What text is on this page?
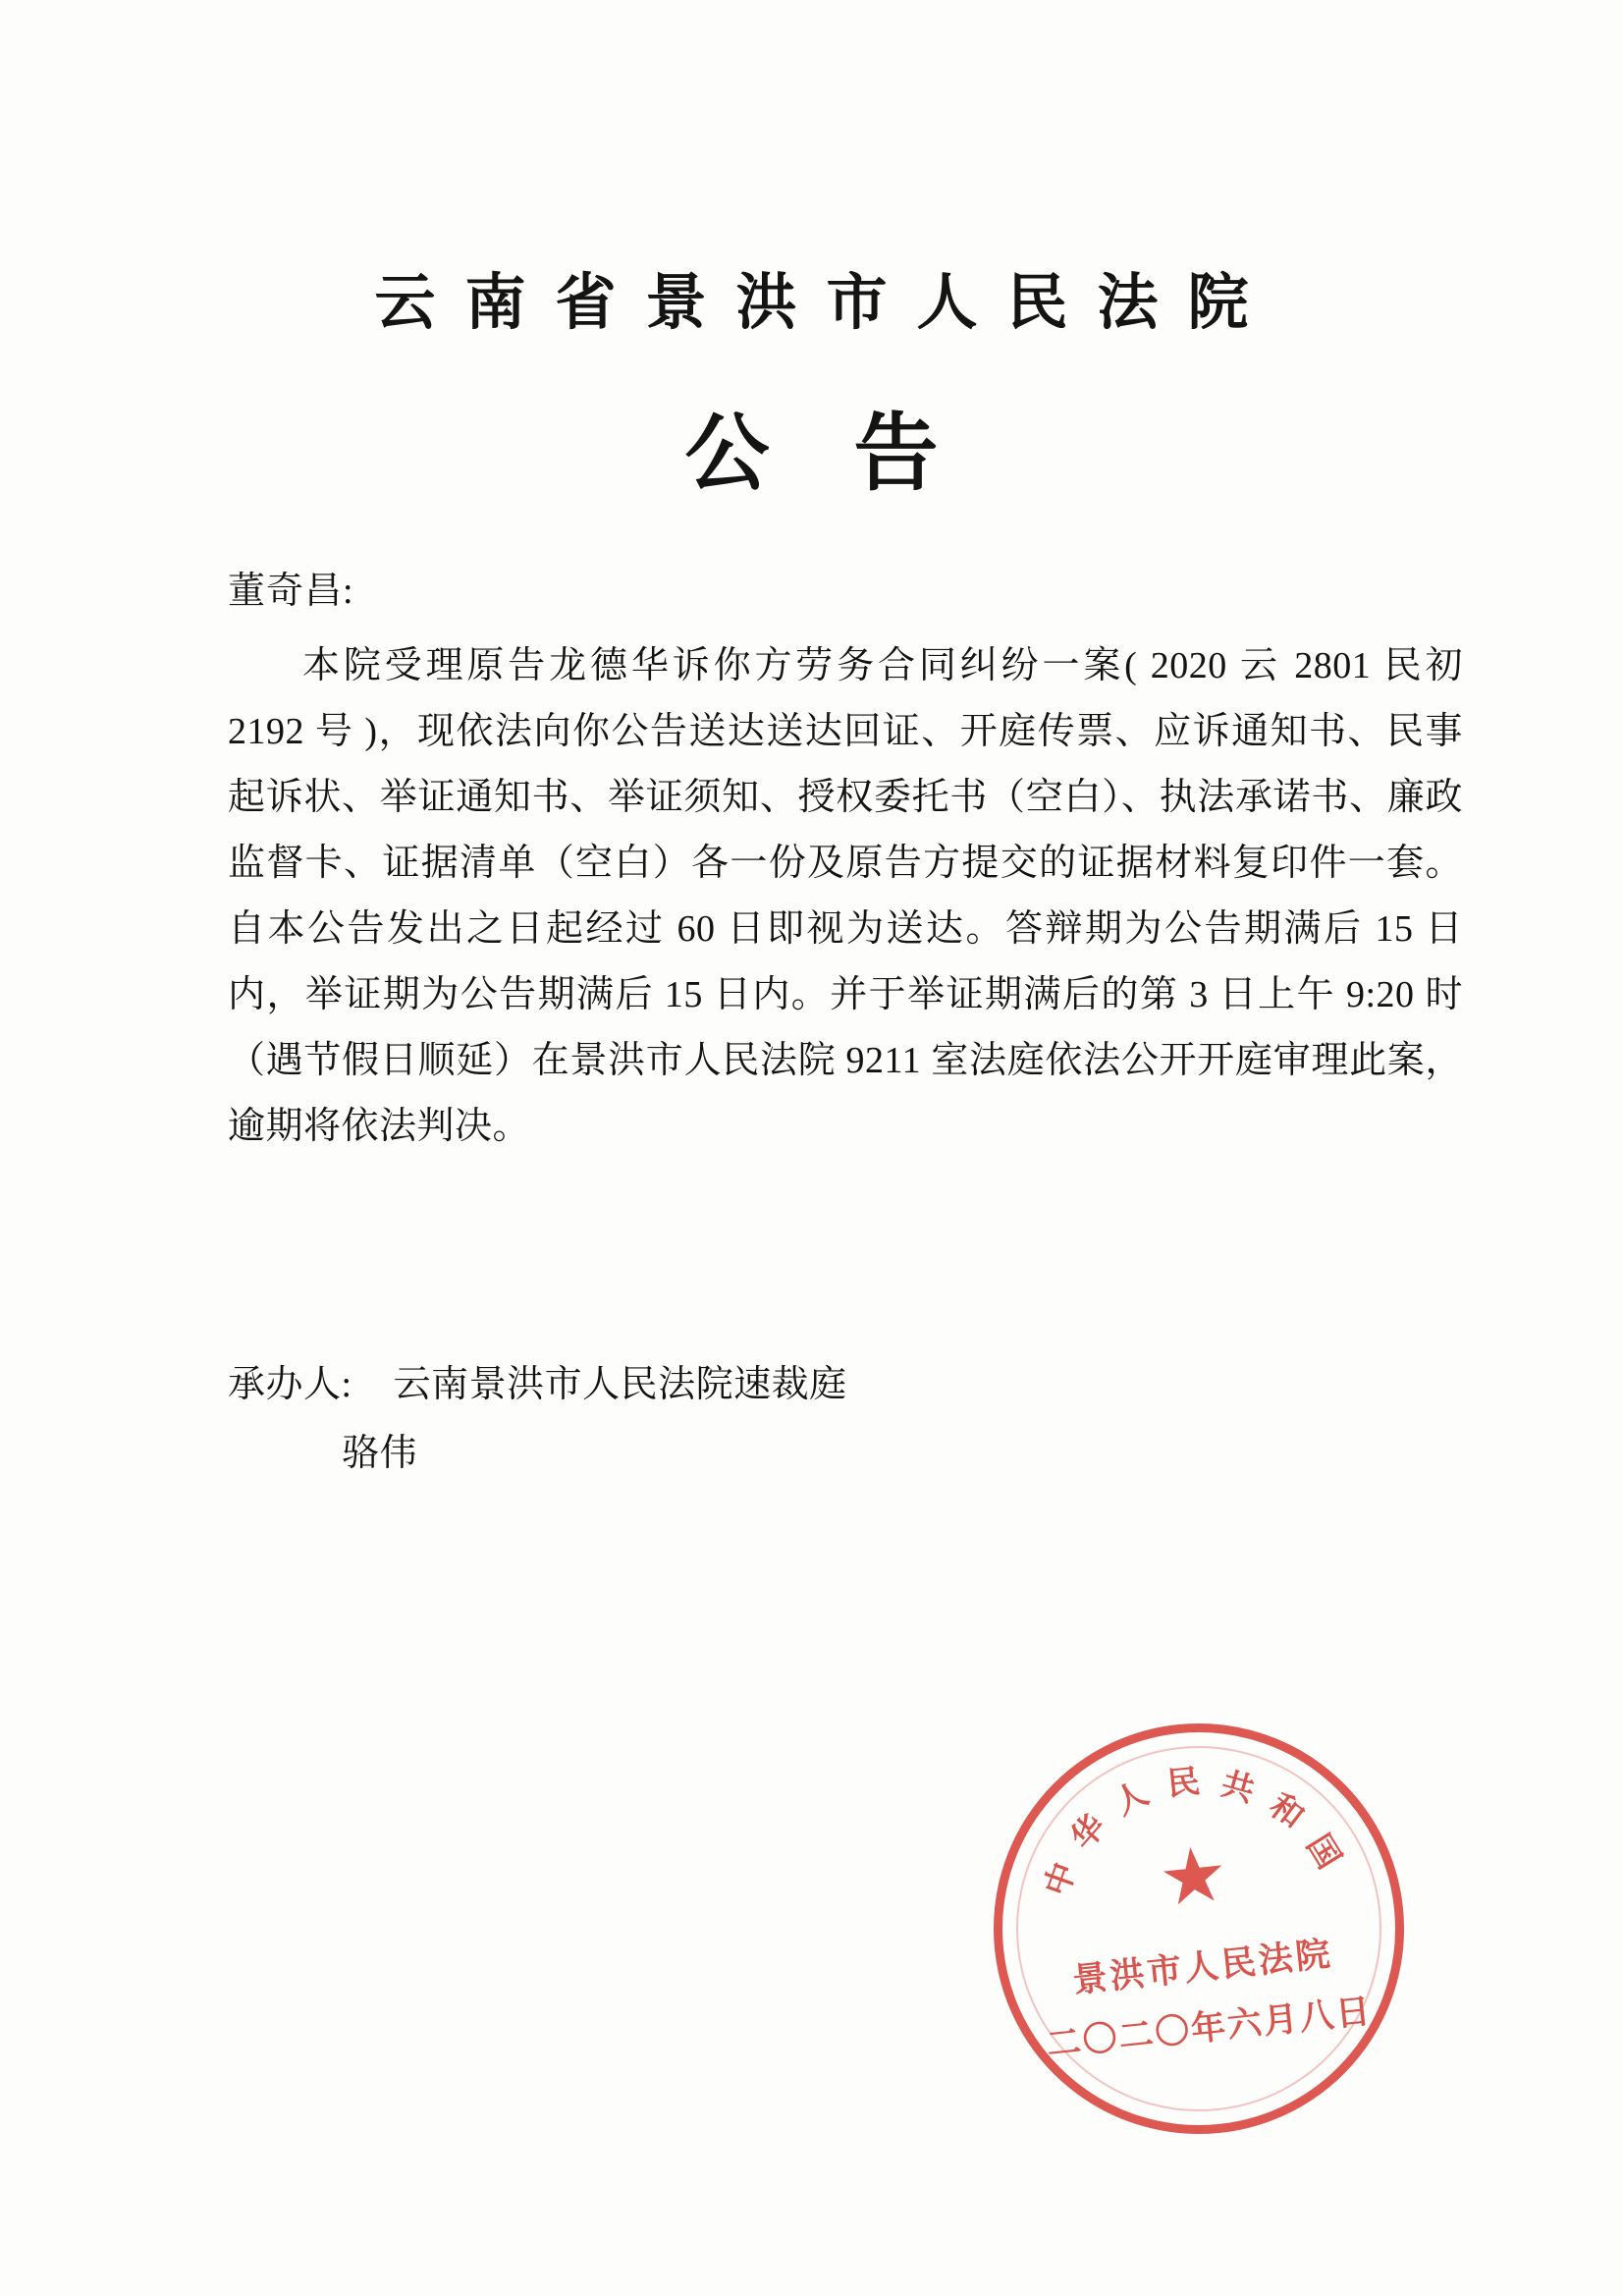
云南省景洪市人民法院
公告
董奇昌:
本院受理原告龙德华诉你方劳务合同纠纷一案( 2020 云 2801 民初 2192 号 )，现依法向你公告送达送达回证、开庭传票、应诉通知书、民事起诉状、举证通知书、举证须知、授权委托书（空白）、执法承诺书、廉政监督卡、证据清单（空白）各一份及原告方提交的证据材料复印件一套。自本公告发出之日起经过 60 日即视为送达。答辩期为公告期满后 15 日内，举证期为公告期满后 15 日内。并于举证期满后的第 3 日上午 9:20 时（遇节假日顺延）在景洪市人民法院 9211 室法庭依法公开开庭审理此案，逾期将依法判决。
承办人: 云南景洪市人民法院速裁庭
骆伟
中
华
人 民 共
和
国
★
景洪市人民法院
二〇二〇年六月八日
